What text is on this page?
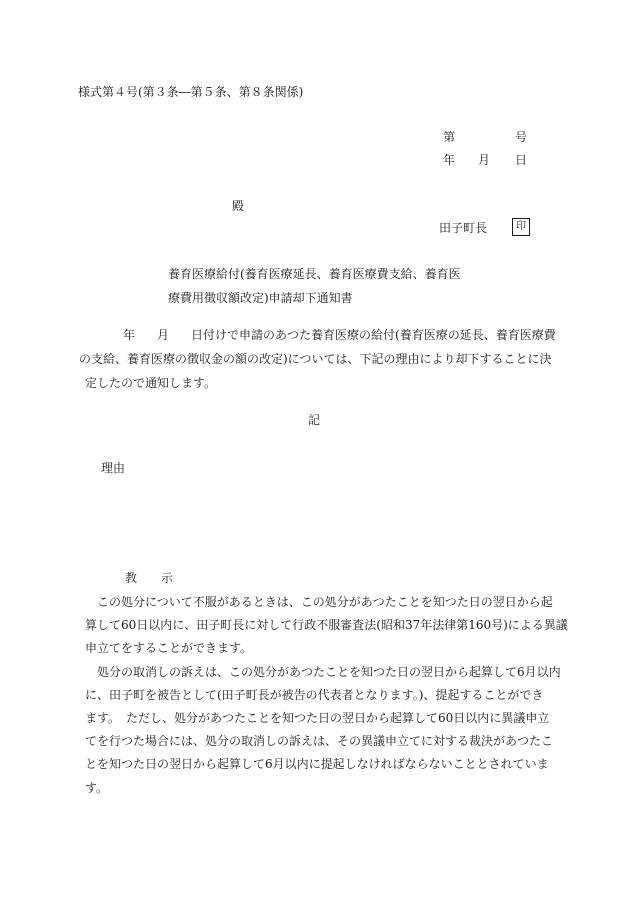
様式第４号(第３条―第５条、第８条関係)
第	号
年 月 日
殿
田子町長	印
養育医療給付(養育医療延長、養育医療費支給、養育医
療費用徴収額改定)申請却下通知書
年 月 日付けで申請のあつた養育医療の給付(養育医療の延長、養育医療費
の支給、養育医療の徴収金の額の改定)については、下記の理由により却下することに決
定したので通知します。
記
理由
教　示
この処分について不服があるときは、この処分があつたことを知つた日の翌日から起
算して60日以内に、田子町長に対して行政不服審査法(昭和37年法律第160号)による異議
申立てをすることができます。
処分の取消しの訴えは、この処分があつたことを知つた日の翌日から起算して6月以内
に、田子町を被告として(田子町長が被告の代表者となります。)、提起することができ
ます。　ただし、処分があつたことを知つた日の翌日から起算して60日以内に異議申立
てを行つた場合には、処分の取消しの訴えは、その異議申立てに対する裁決があつたこ
とを知つた日の翌日から起算して6月以内に提起しなければならないこととされていま
す。
